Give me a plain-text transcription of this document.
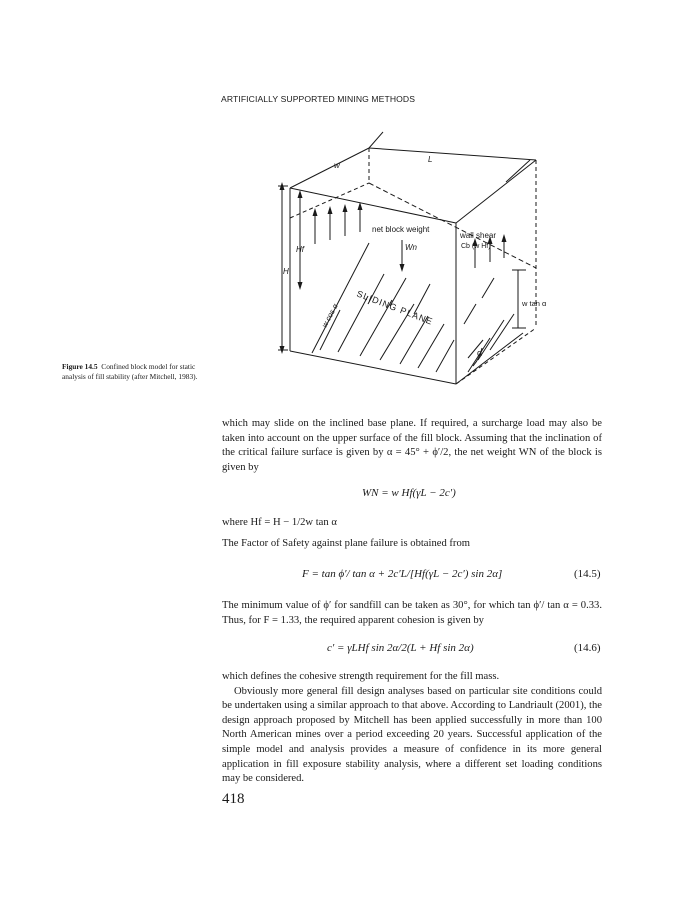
ARTIFICIALLY SUPPORTED MINING METHODS
w
L
Hf
H
net block weight
Wn
wall shear
Cb (w Hf)
SLIDING PLANE
w cos α	w tan α
α
Figure 14.5 Confined block model for static analysis of fill stability (after Mitchell, 1983).

which may slide on the inclined base plane. If required, a surcharge load may also be taken into account on the upper surface of the fill block. Assuming that the inclination of the critical failure surface is given by α = 45° + ϕ′/2, the net weight WN of the block is given by

WN = w Hf(γL − 2c′)

where Hf = H − 1/2w tan α

The Factor of Safety against plane failure is obtained from

F = tan ϕ′/ tan α + 2c′L/[Hf(γL − 2c′) sin 2α]	(14.5)

The minimum value of ϕ′ for sandfill can be taken as 30°, for which tan ϕ′/ tan α = 0.33. Thus, for F = 1.33, the required apparent cohesion is given by

c′ = γLHf sin 2α/2(L + Hf sin 2α)	(14.6)

which defines the cohesive strength requirement for the fill mass.

Obviously more general fill design analyses based on particular site conditions could be undertaken using a similar approach to that above. According to Landriault (2001), the design approach proposed by Mitchell has been applied successfully in more than 100 North American mines over a period exceeding 20 years. Successful application of the simple model and analysis provides a measure of confidence in its more general application in fill exposure stability analysis, where a different set loading conditions may be considered.

418
